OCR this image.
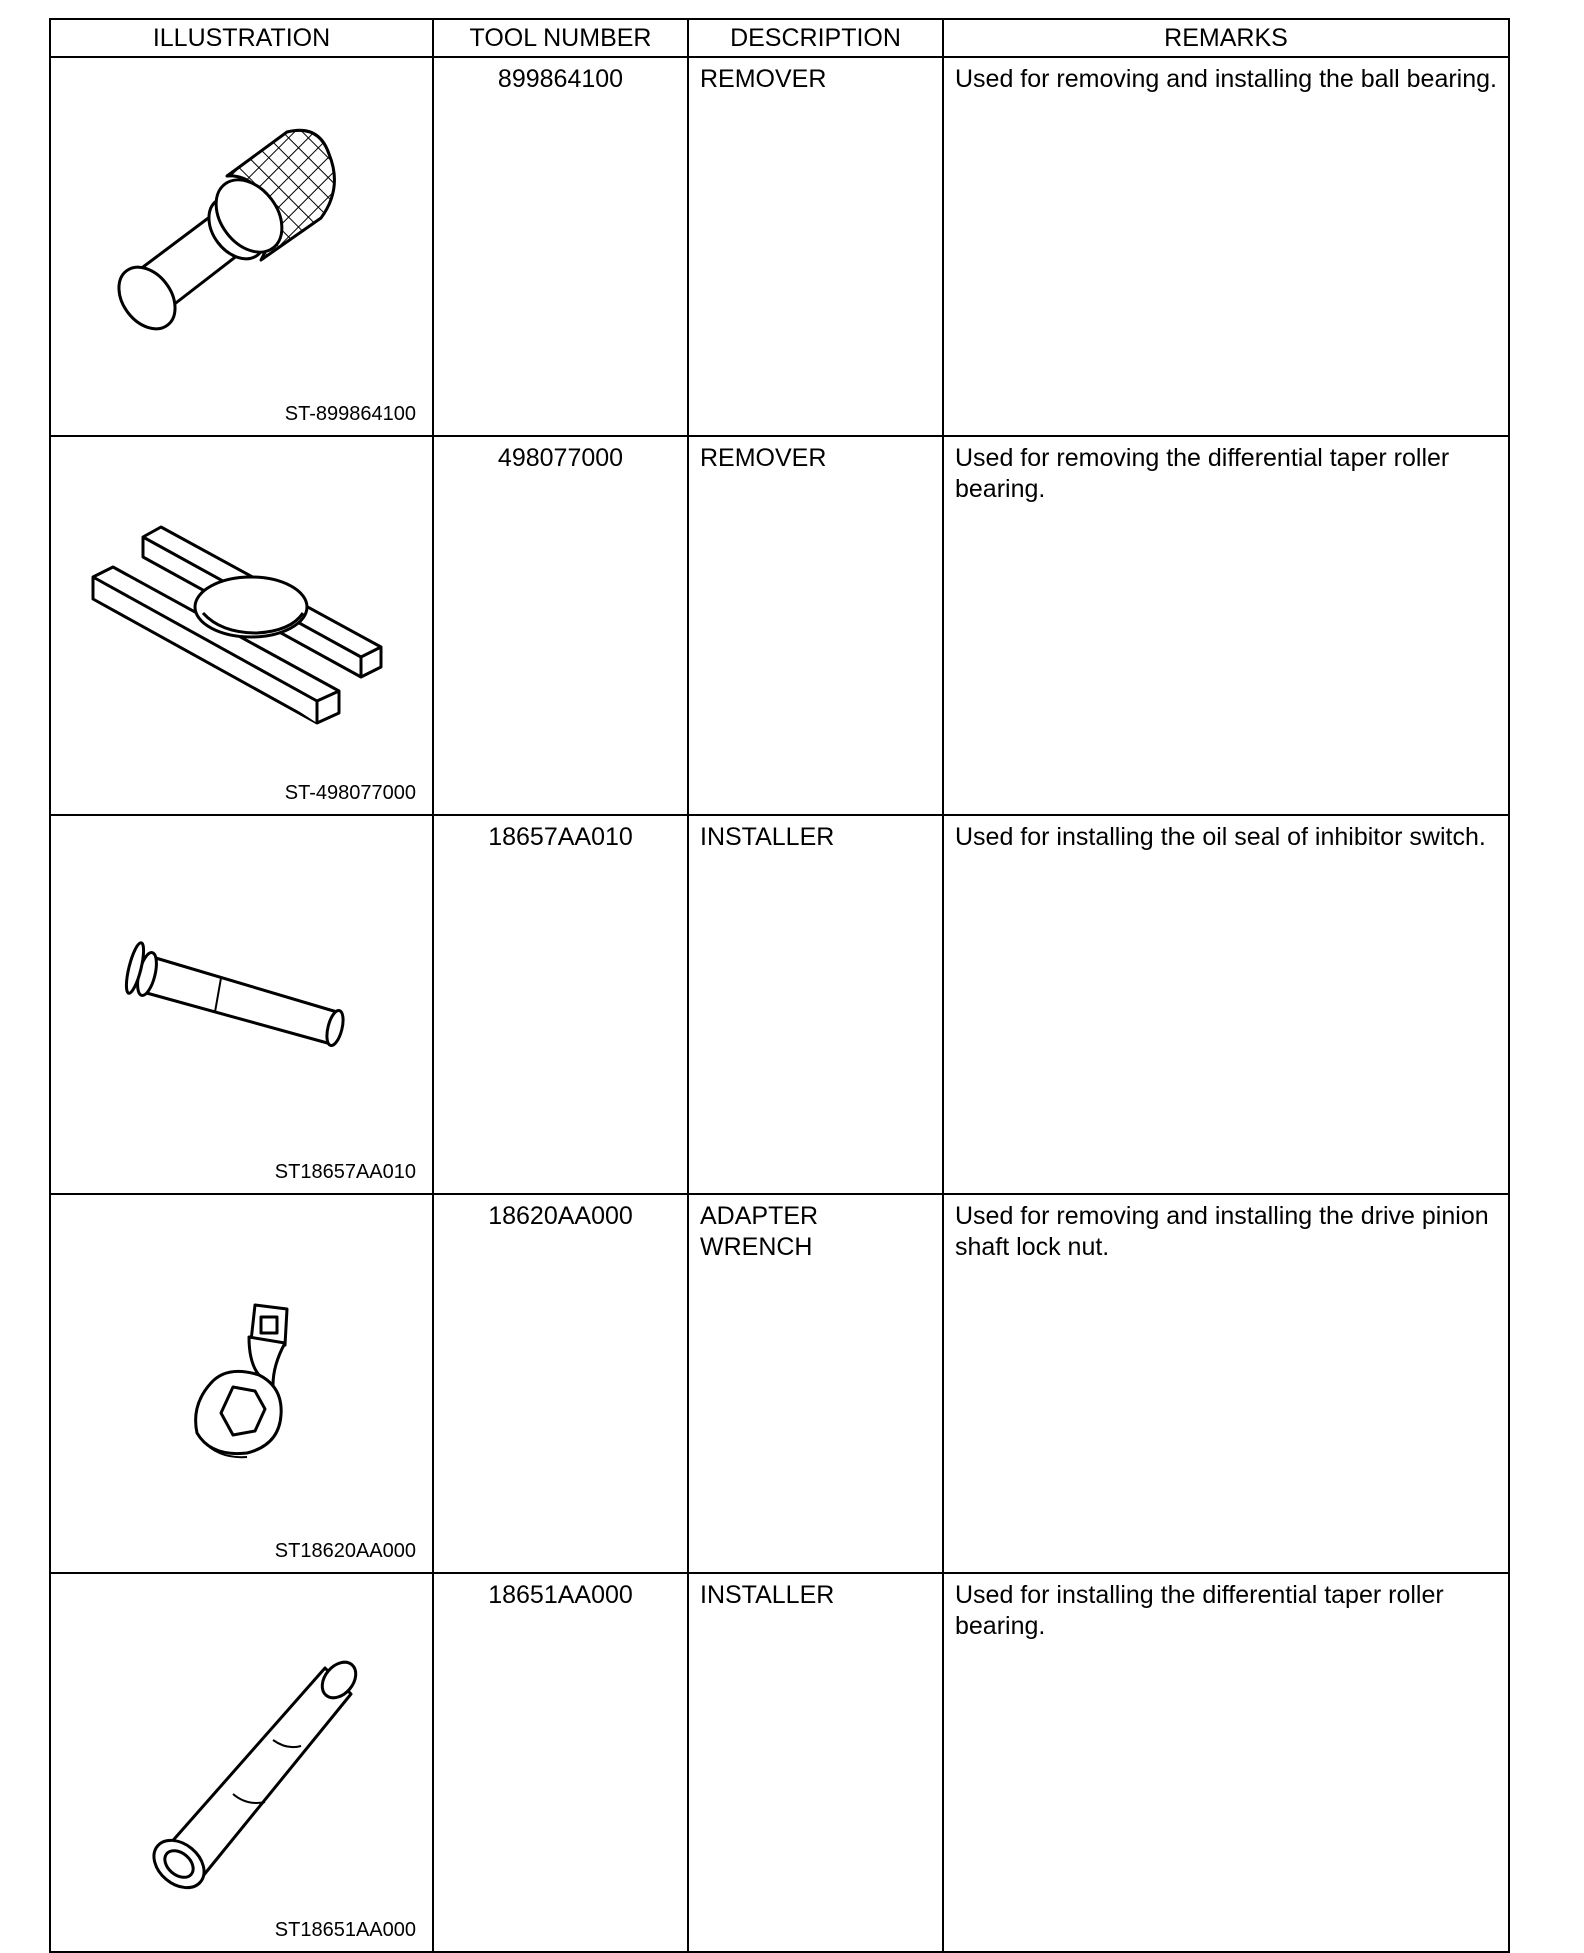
ILLUSTRATION	TOOL NUMBER	DESCRIPTION	REMARKS

ST-899864100	899864100	REMOVER	Used for removing and installing the ball bearing.

ST-498077000	498077000	REMOVER	Used for removing the differential taper roller bearing.

ST18657AA010	18657AA010	INSTALLER	Used for installing the oil seal of inhibitor switch.

ST18620AA000	18620AA000	ADAPTER WRENCH	Used for removing and installing the drive pinion shaft lock nut.

ST18651AA000	18651AA000	INSTALLER	Used for installing the differential taper roller bearing.
